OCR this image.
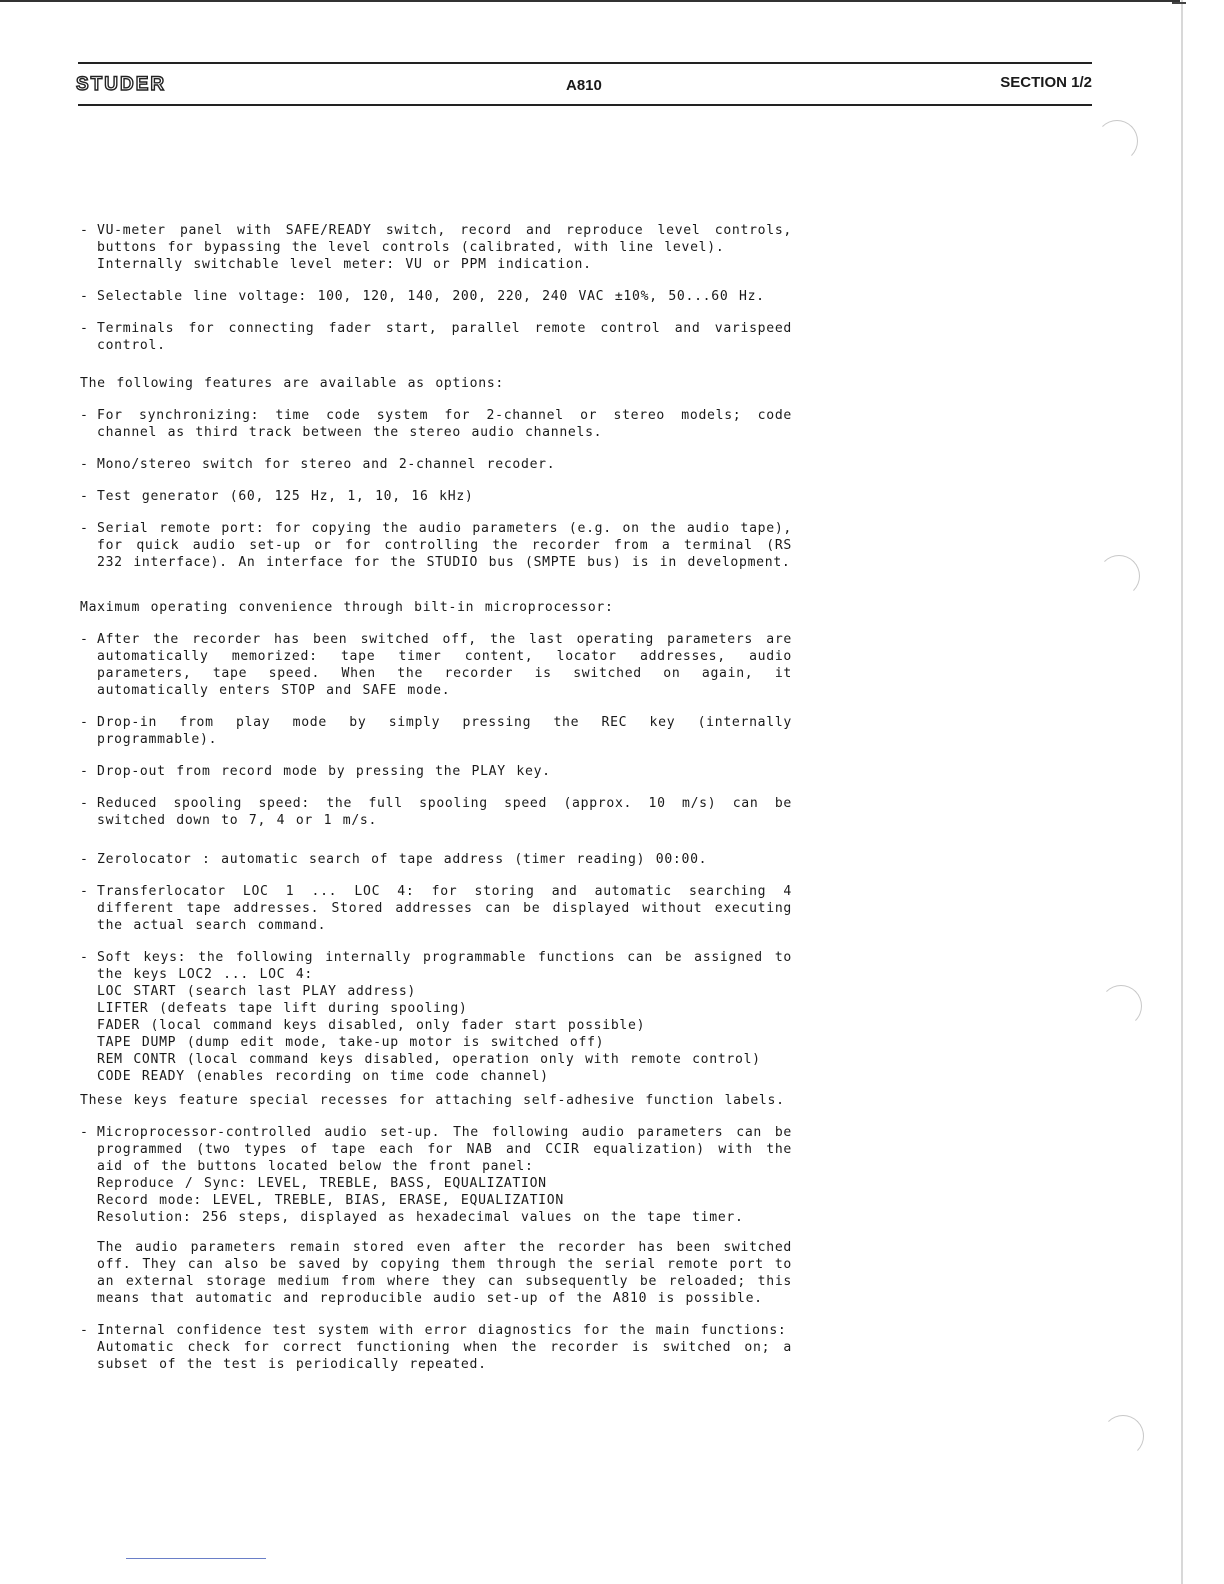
STUDER	A810	SECTION 1/2
- VU-meter panel with SAFE/READY switch, record and reproduce level controls, buttons for bypassing the level controls (calibrated, with line level).
Internally switchable level meter: VU or PPM indication.
- Selectable line voltage: 100, 120, 140, 200, 220, 240 VAC ±10%, 50...60 Hz.
- Terminals for connecting fader start, parallel remote control and varispeed control.
The following features are available as options:
- For synchronizing: time code system for 2-channel or stereo models; code channel as third track between the stereo audio channels.
- Mono/stereo switch for stereo and 2-channel recoder.
- Test generator (60, 125 Hz, 1, 10, 16 kHz)
- Serial remote port: for copying the audio parameters (e.g. on the audio tape), for quick audio set-up or for controlling the recorder from a terminal (RS 232 interface). An interface for the STUDIO bus (SMPTE bus) is in development.
Maximum operating convenience through bilt-in microprocessor:
- After the recorder has been switched off, the last operating parameters are automatically memorized: tape timer content, locator addresses, audio parameters, tape speed. When the recorder is switched on again, it automatically enters STOP and SAFE mode.
- Drop-in from play mode by simply pressing the REC key (internally programmable).
- Drop-out from record mode by pressing the PLAY key.
- Reduced spooling speed: the full spooling speed (approx. 10 m/s) can be switched down to 7, 4 or 1 m/s.
- Zerolocator : automatic search of tape address (timer reading) 00:00.
- Transferlocator LOC 1 ... LOC 4: for storing and automatic searching 4 different tape addresses. Stored addresses can be displayed without executing the actual search command.
- Soft keys: the following internally programmable functions can be assigned to the keys LOC2 ... LOC 4:
LOC START (search last PLAY address)
LIFTER (defeats tape lift during spooling)
FADER (local command keys disabled, only fader start possible)
TAPE DUMP (dump edit mode, take-up motor is switched off)
REM CONTR (local command keys disabled, operation only with remote control)
CODE READY (enables recording on time code channel)
These keys feature special recesses for attaching self-adhesive function labels.
- Microprocessor-controlled audio set-up. The following audio parameters can be programmed (two types of tape each for NAB and CCIR equalization) with the aid of the buttons located below the front panel:
Reproduce / Sync: LEVEL, TREBLE, BASS, EQUALIZATION
Record mode: LEVEL, TREBLE, BIAS, ERASE, EQUALIZATION
Resolution: 256 steps, displayed as hexadecimal values on the tape timer.
The audio parameters remain stored even after the recorder has been switched off. They can also be saved by copying them through the serial remote port to an external storage medium from where they can subsequently be reloaded; this means that automatic and reproducible audio set-up of the A810 is possible.
- Internal confidence test system with error diagnostics for the main functions:
Automatic check for correct functioning when the recorder is switched on; a subset of the test is periodically repeated.
